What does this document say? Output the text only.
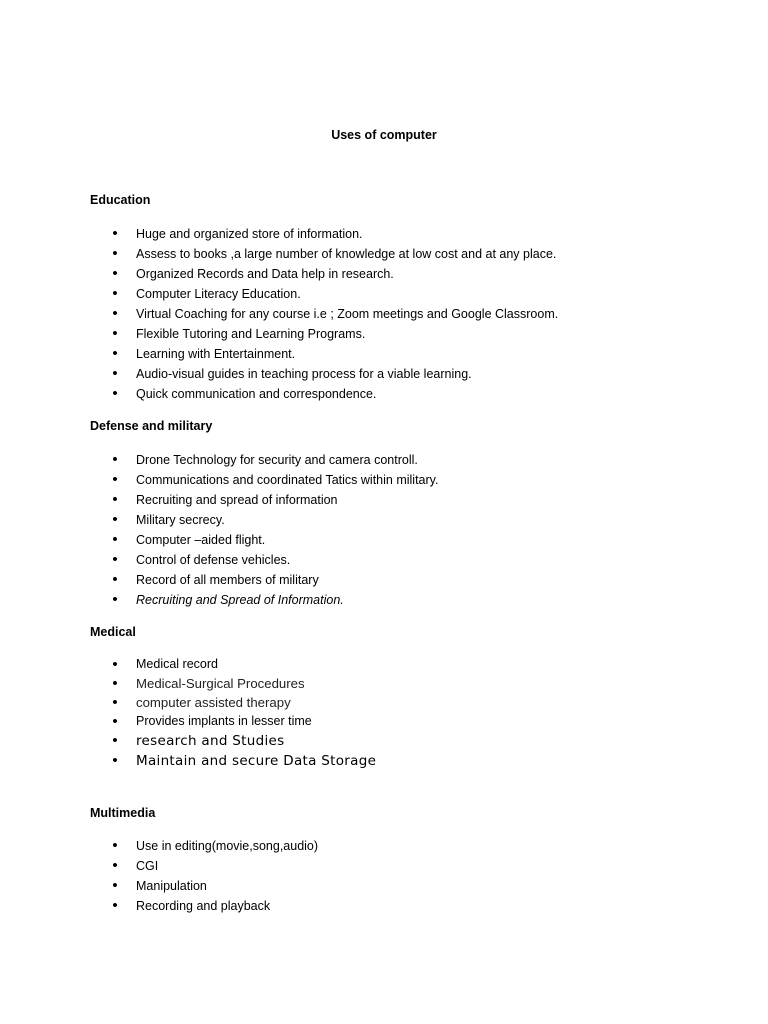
Uses of computer
Education
•
Huge and organized store of information.
•
Assess to books ,a large number of knowledge at low cost and at any place.
•
Organized Records and Data help in research.
•
Computer Literacy Education.
•
Virtual Coaching for any course i.e ; Zoom meetings and Google Classroom.
•
Flexible Tutoring and Learning Programs.
•
Learning with Entertainment.
•
Audio-visual guides in teaching process for a viable learning.
•
Quick communication and correspondence.
Defense and military
•
Drone Technology for security and camera controll.
•
Communications and coordinated Tatics within military.
•
Recruiting and spread of information
•
Military secrecy.
•
Computer –aided flight.
•
Control of defense vehicles.
•
Record of all members of military
•
Recruiting and Spread of Information.
Medical
•
Medical record
•
Medical-Surgical Procedures
•
computer assisted therapy
•
Provides implants in lesser time
•
research and Studies
•
Maintain and secure Data Storage
Multimedia
•
Use in editing(movie,song,audio)
•
CGI
•
Manipulation
•
Recording and playback
